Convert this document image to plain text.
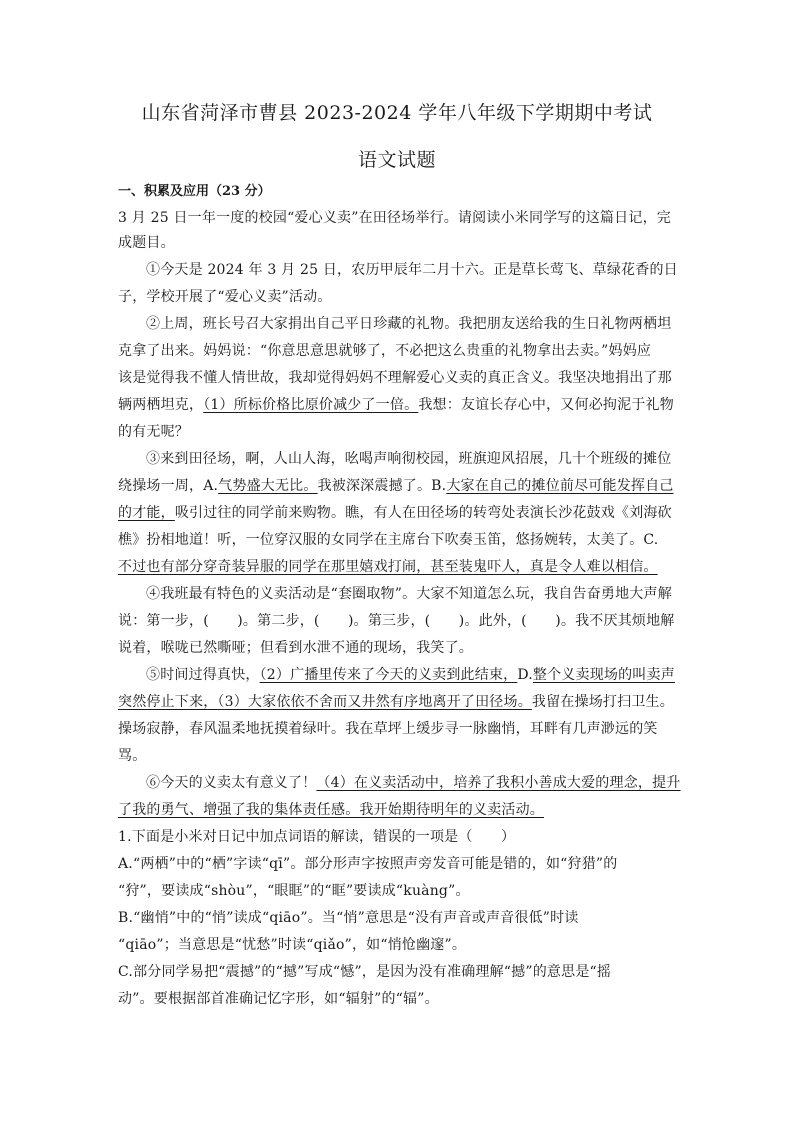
山东省菏泽市曹县 2023-2024 学年八年级下学期期中考试
语文试题
一、积累及应用（23 分）
3 月 25 日一年一度的校园“爱心义卖”在田径场举行。请阅读小米同学写的这篇日记，完
成题目。
①今天是 2024 年 3 月 25 日，农历甲辰年二月十六。正是草长莺飞、草绿花香的日
子，学校开展了“爱心义卖”活动。
②上周，班长号召大家捐出自己平日珍藏的礼物。我把朋友送给我的生日礼物两栖坦
克拿了出来。妈妈说：“你意思意思就够了，不必把这么贵重的礼物拿出去卖。”妈妈应
该是觉得我不懂人情世故，我却觉得妈妈不理解爱心义卖的真正含义。我坚决地捐出了那
辆两栖坦克，（1）所标价格比原价减少了一倍。我想：友谊长存心中，又何必拘泥于礼物
的有无呢？
③来到田径场，啊，人山人海，吆喝声响彻校园，班旗迎风招展，几十个班级的摊位
绕操场一周，A.气势盛大无比。我被深深震撼了。B.大家在自己的摊位前尽可能发挥自己
的才能，吸引过往的同学前来购物。瞧，有人在田径场的转弯处表演长沙花鼓戏《刘海砍
樵》扮相地道！听，一位穿汉服的女同学在主席台下吹奏玉笛，悠扬婉转，太美了。C.
不过也有部分穿奇装异服的同学在那里嬉戏打闹，甚至装鬼吓人，真是令人难以相信。
④我班最有特色的义卖活动是“套圈取物”。大家不知道怎么玩，我自告奋勇地大声解
说：第一步，(　　)。第二步，(　　)。第三步，(　　)。此外，(　　)。我不厌其烦地解
说着，喉咙已然嘶哑；但看到水泄不通的现场，我笑了。
⑤时间过得真快，（2）广播里传来了今天的义卖到此结束，D.整个义卖现场的叫卖声
突然停止下来，（3）大家依依不舍而又井然有序地离开了田径场。我留在操场打扫卫生。
操场寂静，春风温柔地抚摸着绿叶。我在草坪上缓步寻一脉幽悄，耳畔有几声渺远的笑
骂。
⑥今天的义卖太有意义了！（4）在义卖活动中，培养了我积小善成大爱的理念，提升
了我的勇气、增强了我的集体责任感。我开始期待明年的义卖活动。
1.下面是小米对日记中加点词语的解读，错误的一项是（　　）
A.“两栖”中的“栖”字读“qī”。部分形声字按照声旁发音可能是错的，如“狩猎”的
“狩”，要读成“shòu”，“眼眶”的“眶”要读成“kuàng”。
B.“幽悄”中的“悄”读成“qiāo”。当“悄”意思是“没有声音或声音很低”时读
“qiāo”；当意思是“忧愁”时读“qiǎo”，如“悄怆幽邃”。
C.部分同学易把“震撼”的“撼”写成“憾”，是因为没有准确理解“撼”的意思是“摇
动”。要根据部首准确记忆字形，如“辐射”的“辐”。
